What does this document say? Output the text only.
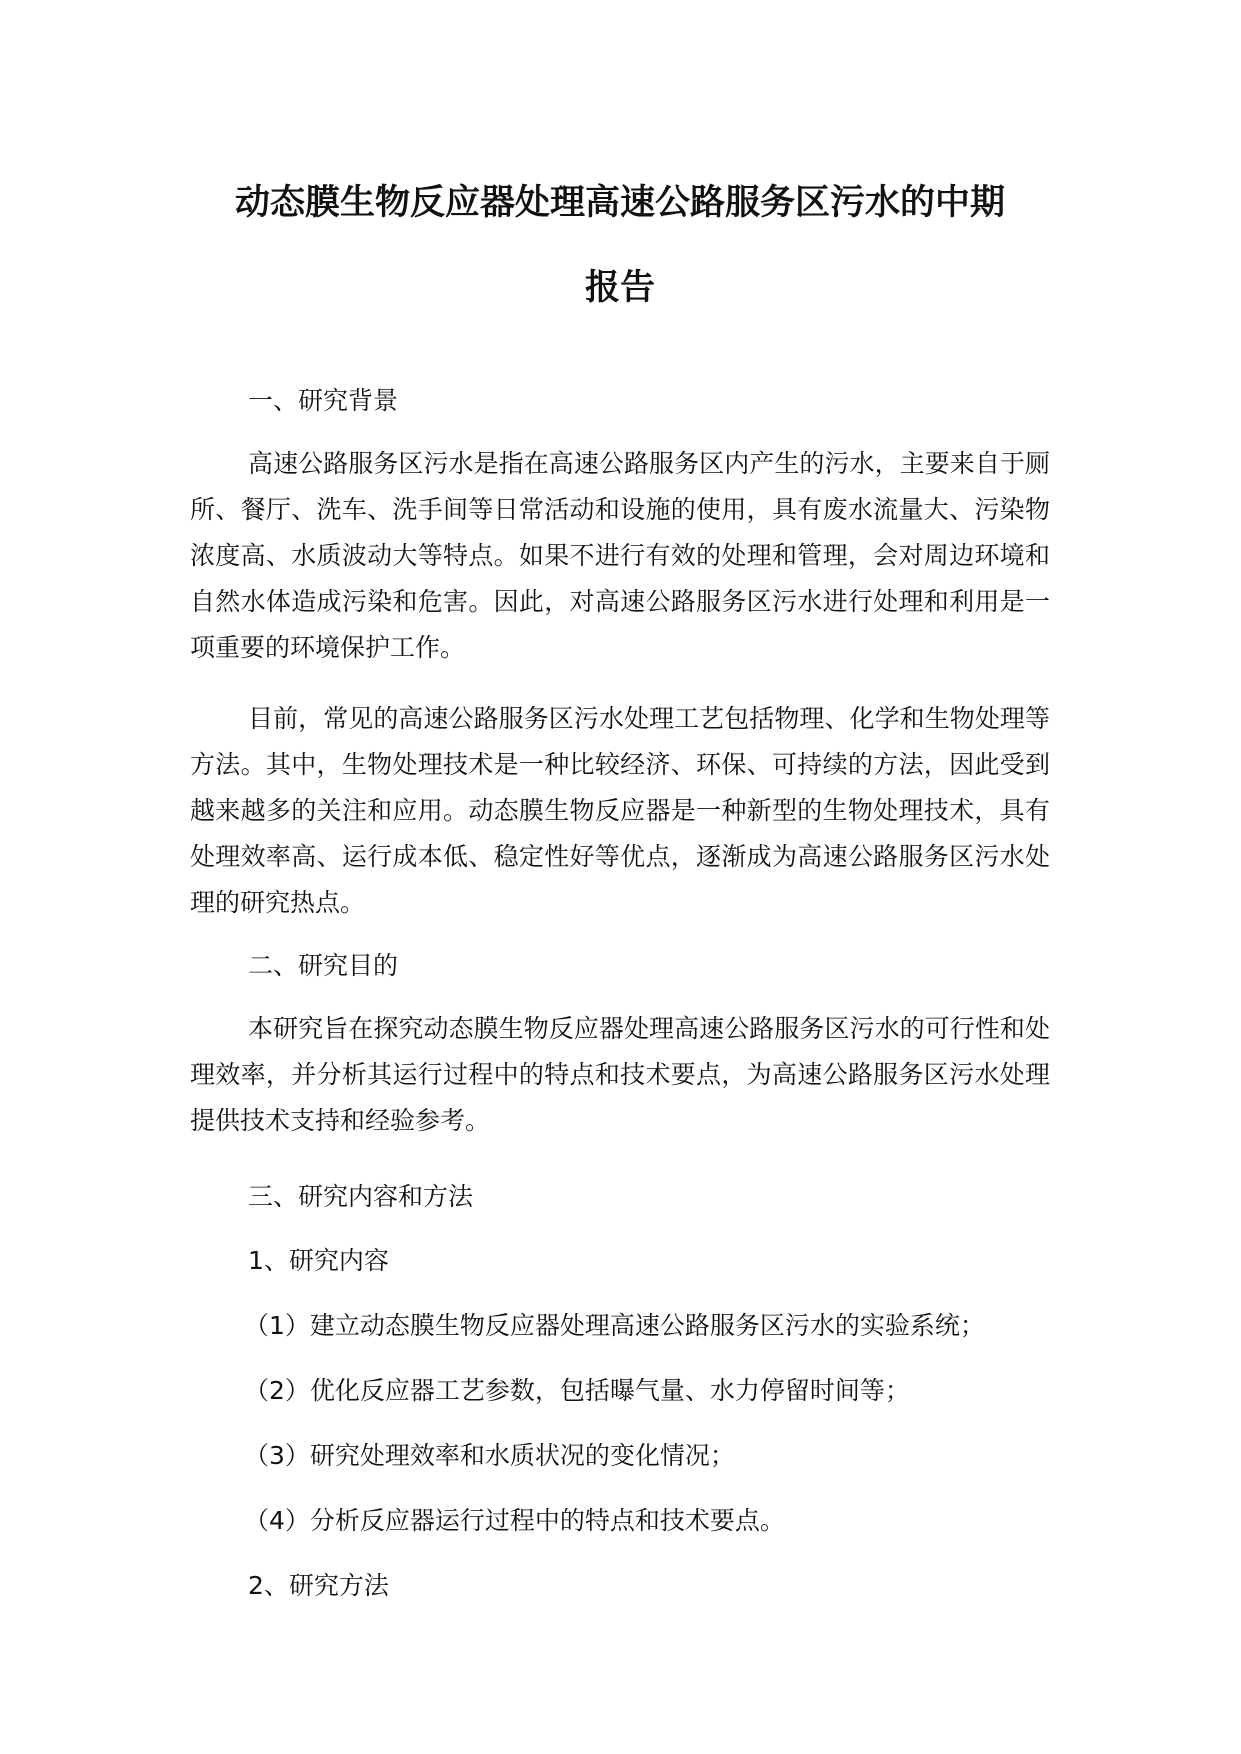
动态膜生物反应器处理高速公路服务区污水的中期
报告

一、研究背景

高速公路服务区污水是指在高速公路服务区内产生的污水，主要来自于厕所、餐厅、洗车、洗手间等日常活动和设施的使用，具有废水流量大、污染物浓度高、水质波动大等特点。如果不进行有效的处理和管理，会对周边环境和自然水体造成污染和危害。因此，对高速公路服务区污水进行处理和利用是一项重要的环境保护工作。

目前，常见的高速公路服务区污水处理工艺包括物理、化学和生物处理等方法。其中，生物处理技术是一种比较经济、环保、可持续的方法，因此受到越来越多的关注和应用。动态膜生物反应器是一种新型的生物处理技术，具有处理效率高、运行成本低、稳定性好等优点，逐渐成为高速公路服务区污水处理的研究热点。

二、研究目的

本研究旨在探究动态膜生物反应器处理高速公路服务区污水的可行性和处理效率，并分析其运行过程中的特点和技术要点，为高速公路服务区污水处理提供技术支持和经验参考。

三、研究内容和方法

1、研究内容

（1）建立动态膜生物反应器处理高速公路服务区污水的实验系统；

（2）优化反应器工艺参数，包括曝气量、水力停留时间等；

（3）研究处理效率和水质状况的变化情况；

（4）分析反应器运行过程中的特点和技术要点。

2、研究方法
